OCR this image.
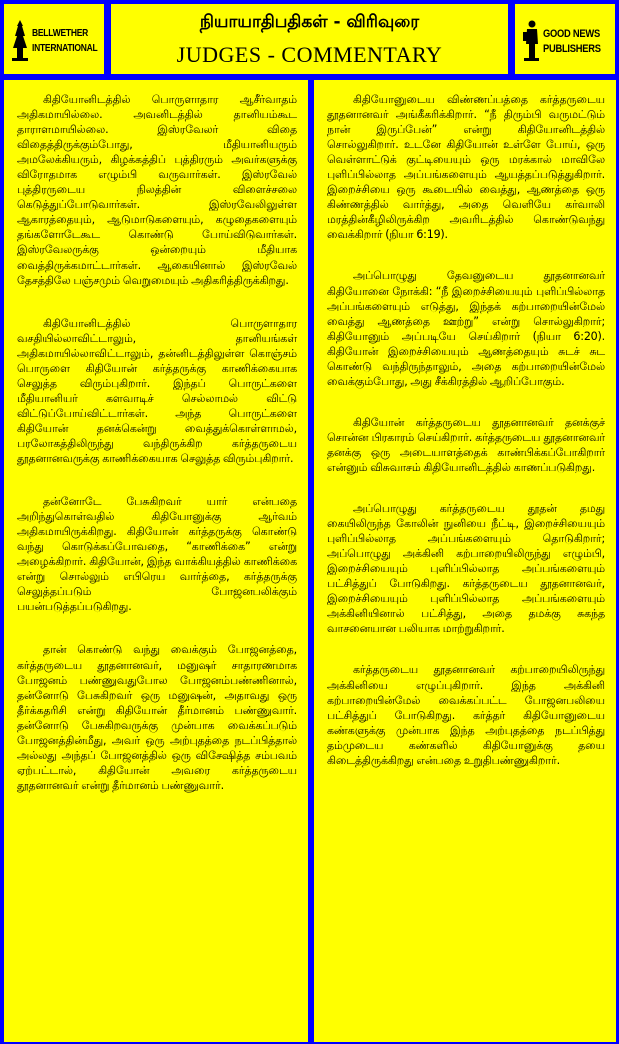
BELLWETHER
INTERNATIONAL
நியாயாதிபதிகள் - விரிவுரை
JUDGES - COMMENTARY
GOOD NEWS
PUBLISHERS

கிதியோனிடத்தில் பொருளாதார ஆசீர்வாதம் அதிகமாயில்லை. அவனிடத்தில் தானியம்கூட தாராளமாயில்லை. இஸ்ரவேலர் விதை விதைத்திருக்கும்போது, மீதியானியரும் அமலேக்கியரும், கிழக்கத்திப் புத்திரரும் அவர்களுக்கு விரோதமாக எழும்பி வருவார்கள். இஸ்ரவேல் புத்திரருடைய நிலத்தின் விளைச்சலை கெடுத்துப்போடுவார்கள். இஸ்ரவேலிலுள்ள ஆகாரத்தையும், ஆடுமாடுகளையும், கழுதைகளையும் தங்களோடேகூட கொண்டு போய்விடுவார்கள். இஸ்ரவேலருக்கு ஒன்றையும் மீதியாக வைத்திருக்கமாட்டார்கள். ஆகையினால் இஸ்ரவேல் தேசத்திலே பஞ்சமும் வெறுமையும் அதிகரித்திருக்கிறது.

கிதியோனிடத்தில் பொருளாதார வசதியில்லாவிட்டாலும், தானியங்கள் அதிகமாயில்லாவிட்டாலும், தன்னிடத்திலுள்ள கொஞ்சம் பொருளை கிதியோன் கர்த்தருக்கு காணிக்கையாக செலுத்த விரும்புகிறார். இந்தப் பொருட்களை மீதியானியர் களவாடிச் செல்லாமல் விட்டு விட்டுப்போய்விட்டார்கள். அந்த பொருட்களை கிதியோன் தனக்கென்று வைத்துக்கொள்ளாமல், பரலோகத்திலிருந்து வந்திருக்கிற கர்த்தருடைய தூதனானவருக்கு காணிக்கையாக செலுத்த விரும்புகிறார்.

தன்னோடே பேசுகிறவர் யார் என்பதை அறிந்துகொள்வதில் கிதியோனுக்கு ஆர்வம் அதிகமாயிருக்கிறது. கிதியோன் கர்த்தருக்கு கொண்டு வந்து கொடுக்கப்போவதை, “காணிக்கை” என்று அழைக்கிறார். கிதியோன், இந்த வாக்கியத்தில் காணிக்கை என்று சொல்லும் எபிரெய வார்த்தை, கர்த்தருக்கு செலுத்தப்படும் போஜனபலிக்கும் பயன்படுத்தப்படுகிறது.

தான் கொண்டு வந்து வைக்கும் போஜனத்தை, கர்த்தருடைய தூதனானவர், மனுஷர் சாதாரணமாக போஜனம் பண்ணுவதுபோல போஜனம்பண்ணினால், தன்னோடு பேசுகிறவர் ஒரு மனுஷன், அதாவது ஒரு தீர்க்கதரிசி என்று கிதியோன் தீர்மானம் பண்ணுவார். தன்னோடு பேசுகிறவருக்கு முன்பாக வைக்கப்படும் போஜனத்தின்மீது, அவர் ஒரு அற்புதத்தை நடப்பித்தால் அல்லது அந்தப் போஜனத்தில் ஒரு விசேஷித்த சம்பவம் ஏற்பட்டால், கிதியோன் அவரை கர்த்தருடைய தூதனானவர் என்று தீர்மானம் பண்ணுவார்.

கிதியோனுடைய விண்ணப்பத்தை கர்த்தருடைய தூதனானவர் அங்கீகரிக்கிறார். “நீ திரும்பி வருமட்டும் நான் இருப்பேன்” என்று கிதியோனிடத்தில் சொல்லுகிறார். உடனே கிதியோன் உள்ளே போய், ஒரு வெள்ளாட்டுக் குட்டியையும் ஒரு மரக்கால் மாவிலே புளிப்பில்லாத அப்பங்களையும் ஆயத்தப்படுத்துகிறார். இறைச்சியை ஒரு கூடையில் வைத்து, ஆணத்தை ஒரு கிண்ணத்தில் வார்த்து, அதை வெளியே கர்வாலி மரத்தின்கீழிலிருக்கிற அவரிடத்தில் கொண்டுவந்து வைக்கிறார் (நியா 6:19).

அப்பொழுது தேவனுடைய தூதனானவர் கிதியோனை நோக்கி: “நீ இறைச்சியையும் புளிப்பில்லாத அப்பங்களையும் எடுத்து, இந்தக் கற்பாறையின்மேல் வைத்து ஆணத்தை ஊற்று” என்று சொல்லுகிறார்; கிதியோனும் அப்படியே செய்கிறார் (நியா 6:20). கிதியோன் இறைச்சியையும் ஆணத்தையும் சுடச் சுட கொண்டு வந்திருந்தாலும், அதை கற்பாறையின்மேல் வைக்கும்போது, அது சீக்கிரத்தில் ஆறிப்போகும்.

கிதியோன் கர்த்தருடைய தூதனானவர் தனக்குச் சொன்ன பிரகாரம் செய்கிறார். கர்த்தருடைய தூதனானவர் தனக்கு ஒரு அடையாளத்தைக் காண்பிக்கப்போகிறார் என்னும் விசுவாசம் கிதியோனிடத்தில் காணப்படுகிறது.

அப்பொழுது கர்த்தருடைய தூதன் தமது கையிலிருந்த கோலின் நுனியை நீட்டி, இறைச்சியையும் புளிப்பில்லாத அப்பங்களையும் தொடுகிறார்; அப்பொழுது அக்கினி கற்பாறையிலிருந்து எழும்பி, இறைச்சியையும் புளிப்பில்லாத அப்பங்களையும் பட்சித்துப் போடுகிறது. கர்த்தருடைய தூதனானவர், இறைச்சியையும் புளிப்பில்லாத அப்பங்களையும் அக்கினியினால் பட்சித்து, அதை தமக்கு சுகந்த வாசனையான பலியாக மாற்றுகிறார்.

கர்த்தருடைய தூதனானவர் கற்பாறையிலிருந்து அக்கினியை எழுப்புகிறார். இந்த அக்கினி கற்பாறையின்மேல் வைக்கப்பட்ட போஜனபலியை பட்சித்துப் போடுகிறது. கர்த்தர் கிதியோனுடைய கண்களுக்கு முன்பாக இந்த அற்புதத்தை நடப்பித்து தம்முடைய கண்களில் கிதியோனுக்கு தயை கிடைத்திருக்கிறது என்பதை உறுதிபண்ணுகிறார்.
